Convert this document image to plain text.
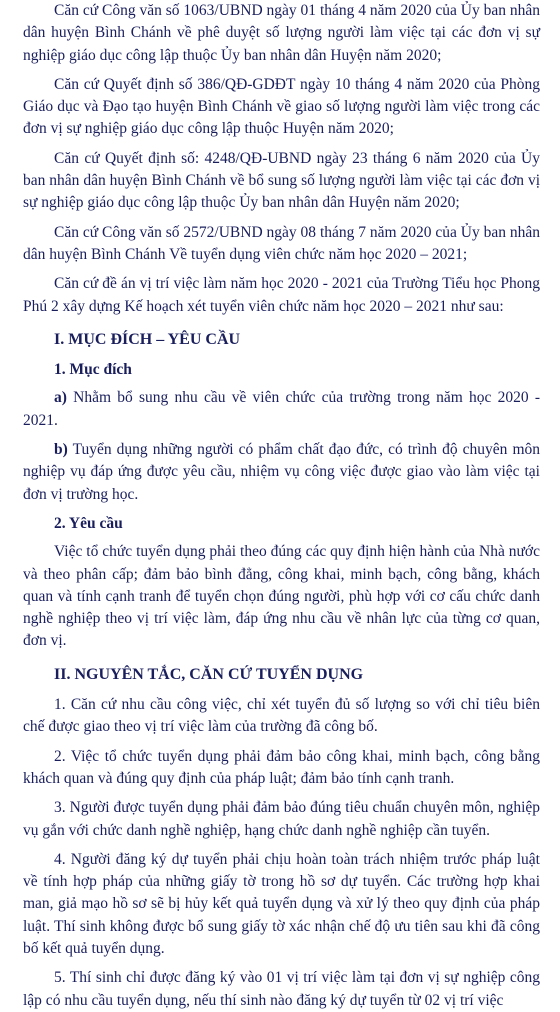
Căn cứ Công văn số 1063/UBND ngày 01 tháng 4 năm 2020 của Ủy ban nhân dân huyện Bình Chánh về phê duyệt số lượng người làm việc tại các đơn vị sự nghiệp giáo dục công lập thuộc Ủy ban nhân dân Huyện năm 2020;

Căn cứ Quyết định số 386/QĐ-GDĐT ngày 10 tháng 4 năm 2020 của Phòng Giáo dục và Đạo tạo huyện Bình Chánh về giao số lượng người làm việc trong các đơn vị sự nghiệp giáo dục công lập thuộc Huyện năm 2020;

Căn cứ Quyết định số: 4248/QĐ-UBND ngày 23 tháng 6 năm 2020 của Ủy ban nhân dân huyện Bình Chánh về bổ sung số lượng người làm việc tại các đơn vị sự nghiệp giáo dục công lập thuộc Ủy ban nhân dân Huyện năm 2020;

Căn cứ Công văn số 2572/UBND ngày 08 tháng 7 năm 2020 của Ủy ban nhân dân huyện Bình Chánh Về tuyển dụng viên chức năm học 2020 – 2021;

Căn cứ đề án vị trí việc làm năm học 2020 - 2021 của Trường Tiểu học Phong Phú 2 xây dựng Kế hoạch xét tuyển viên chức năm học 2020 – 2021 như sau:

I. MỤC ĐÍCH – YÊU CẦU
1. Mục đích

a) Nhằm bổ sung nhu cầu về viên chức của trường trong năm học 2020 - 2021.

b) Tuyển dụng những người có phẩm chất đạo đức, có trình độ chuyên môn nghiệp vụ đáp ứng được yêu cầu, nhiệm vụ công việc được giao vào làm việc tại đơn vị trường học.

2. Yêu cầu

Việc tổ chức tuyển dụng phải theo đúng các quy định hiện hành của Nhà nước và theo phân cấp; đảm bảo bình đẳng, công khai, minh bạch, công bằng, khách quan và tính cạnh tranh để tuyển chọn đúng người, phù hợp với cơ cấu chức danh nghề nghiệp theo vị trí việc làm, đáp ứng nhu cầu về nhân lực của từng cơ quan, đơn vị.

II. NGUYÊN TẮC, CĂN CỨ TUYỂN DỤNG

1. Căn cứ nhu cầu công việc, chỉ xét tuyển đủ số lượng so với chỉ tiêu biên chế được giao theo vị trí việc làm của trường đã công bố.

2. Việc tổ chức tuyển dụng phải đảm bảo công khai, minh bạch, công bằng khách quan và đúng quy định của pháp luật; đảm bảo tính cạnh tranh.

3. Người được tuyển dụng phải đảm bảo đúng tiêu chuẩn chuyên môn, nghiệp vụ gắn với chức danh nghề nghiệp, hạng chức danh nghề nghiệp cần tuyển.

4. Người đăng ký dự tuyển phải chịu hoàn toàn trách nhiệm trước pháp luật về tính hợp pháp của những giấy tờ trong hồ sơ dự tuyển. Các trường hợp khai man, giả mạo hồ sơ sẽ bị hủy kết quả tuyển dụng và xử lý theo quy định của pháp luật. Thí sinh không được bổ sung giấy tờ xác nhận chế độ ưu tiên sau khi đã công bố kết quả tuyển dụng.

5. Thí sinh chỉ được đăng ký vào 01 vị trí việc làm tại đơn vị sự nghiệp công lập có nhu cầu tuyển dụng, nếu thí sinh nào đăng ký dự tuyển từ 02 vị trí việc
